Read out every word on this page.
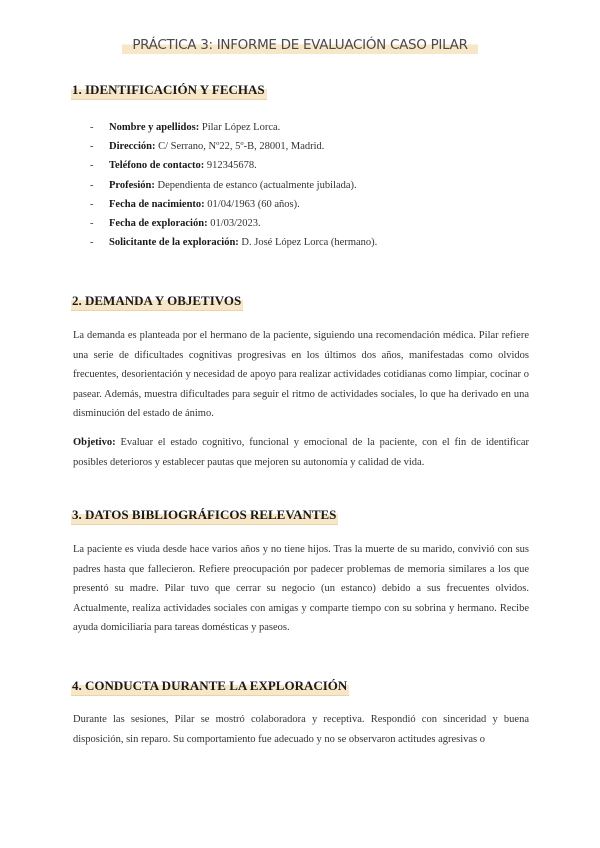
PRÁCTICA 3: INFORME DE EVALUACIÓN CASO PILAR
1. IDENTIFICACIÓN Y FECHAS
- Nombre y apellidos: Pilar López Lorca.
- Dirección: C/ Serrano, Nº22, 5º-B, 28001, Madrid.
- Teléfono de contacto: 912345678.
- Profesión: Dependienta de estanco (actualmente jubilada).
- Fecha de nacimiento: 01/04/1963 (60 años).
- Fecha de exploración: 01/03/2023.
- Solicitante de la exploración: D. José López Lorca (hermano).
2. DEMANDA Y OBJETIVOS

La demanda es planteada por el hermano de la paciente, siguiendo una recomendación médica. Pilar refiere una serie de dificultades cognitivas progresivas en los últimos dos años, manifestadas como olvidos frecuentes, desorientación y necesidad de apoyo para realizar actividades cotidianas como limpiar, cocinar o pasear. Además, muestra dificultades para seguir el ritmo de actividades sociales, lo que ha derivado en una disminución del estado de ánimo.

Objetivo: Evaluar el estado cognitivo, funcional y emocional de la paciente, con el fin de identificar posibles deterioros y establecer pautas que mejoren su autonomía y calidad de vida.

3. DATOS BIBLIOGRÁFICOS RELEVANTES

La paciente es viuda desde hace varios años y no tiene hijos. Tras la muerte de su marido, convivió con sus padres hasta que fallecieron. Refiere preocupación por padecer problemas de memoria similares a los que presentó su madre. Pilar tuvo que cerrar su negocio (un estanco) debido a sus frecuentes olvidos. Actualmente, realiza actividades sociales con amigas y comparte tiempo con su sobrina y hermano. Recibe ayuda domiciliaria para tareas domésticas y paseos.

4. CONDUCTA DURANTE LA EXPLORACIÓN

Durante las sesiones, Pilar se mostró colaboradora y receptiva. Respondió con sinceridad y buena disposición, sin reparo. Su comportamiento fue adecuado y no se observaron actitudes agresivas o
